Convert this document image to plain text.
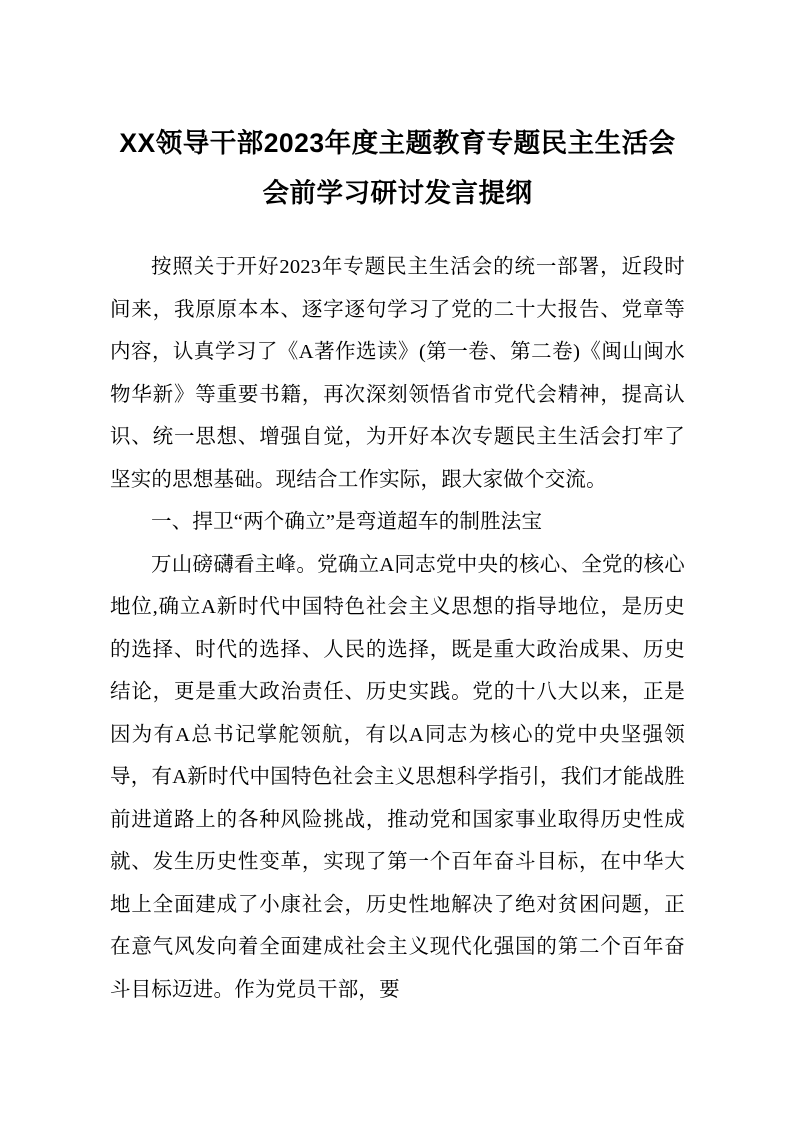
XX领导干部2023年度主题教育专题民主生活会会前学习研讨发言提纲

按照关于开好2023年专题民主生活会的统一部署，近段时间来，我原原本本、逐字逐句学习了党的二十大报告、党章等内容，认真学习了《A著作选读》(第一卷、第二卷)《闽山闽水物华新》等重要书籍，再次深刻领悟省市党代会精神，提高认识、统一思想、增强自觉，为开好本次专题民主生活会打牢了坚实的思想基础。现结合工作实际，跟大家做个交流。

一、捍卫“两个确立”是弯道超车的制胜法宝

万山磅礴看主峰。党确立A同志党中央的核心、全党的核心地位,确立A新时代中国特色社会主义思想的指导地位，是历史的选择、时代的选择、人民的选择，既是重大政治成果、历史结论，更是重大政治责任、历史实践。党的十八大以来，正是因为有A总书记掌舵领航，有以A同志为核心的党中央坚强领导，有A新时代中国特色社会主义思想科学指引，我们才能战胜前进道路上的各种风险挑战，推动党和国家事业取得历史性成就、发生历史性变革，实现了第一个百年奋斗目标，在中华大地上全面建成了小康社会，历史性地解决了绝对贫困问题，正在意气风发向着全面建成社会主义现代化强国的第二个百年奋斗目标迈进。作为党员干部，要
